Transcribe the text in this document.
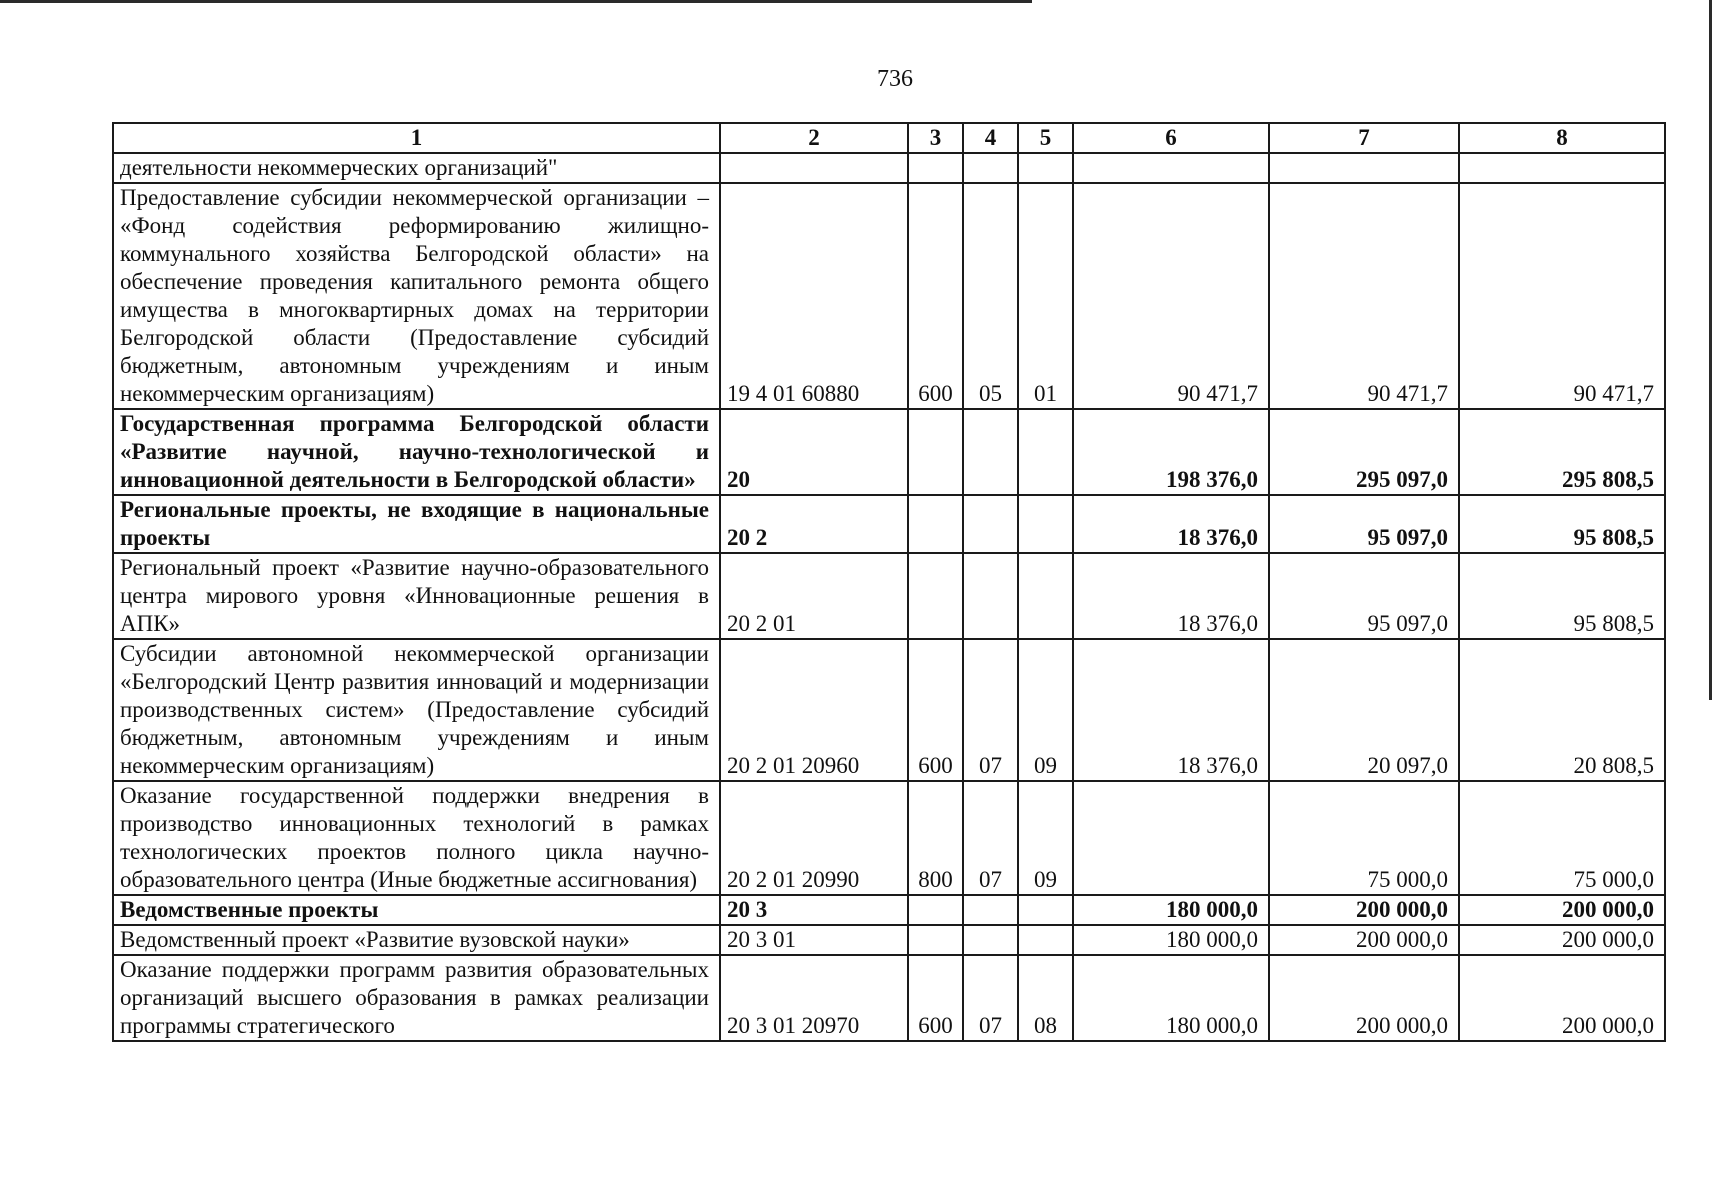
736
1	2	3	4	5	6	7	8
деятельности некоммерческих организаций"							
Предоставление субсидии некоммерческой организации – «Фонд содействия реформированию жилищно-коммунального хозяйства Белгородской области» на обеспечение проведения капитального ремонта общего имущества в многоквартирных домах на территории Белгородской области (Предоставление субсидий бюджетным, автономным учреждениям и иным некоммерческим организациям)	19 4 01 60880	600	05	01	90 471,7	90 471,7	90 471,7
Государственная программа Белгородской области «Развитие научной, научно-технологической и инновационной деятельности в Белгородской области»	20				198 376,0	295 097,0	295 808,5
Региональные проекты, не входящие в национальные проекты	20 2				18 376,0	95 097,0	95 808,5
Региональный проект «Развитие научно-образовательного центра мирового уровня «Инновационные решения в АПК»	20 2 01				18 376,0	95 097,0	95 808,5
Субсидии автономной некоммерческой организации «Белгородский Центр развития инноваций и модернизации производственных систем» (Предоставление субсидий бюджетным, автономным учреждениям и иным некоммерческим организациям)	20 2 01 20960	600	07	09	18 376,0	20 097,0	20 808,5
Оказание государственной поддержки внедрения в производство инновационных технологий в рамках технологических проектов полного цикла научно-образовательного центра (Иные бюджетные ассигнования)	20 2 01 20990	800	07	09		75 000,0	75 000,0
Ведомственные проекты	20 3				180 000,0	200 000,0	200 000,0
Ведомственный проект «Развитие вузовской науки»	20 3 01				180 000,0	200 000,0	200 000,0
Оказание поддержки программ развития образовательных организаций высшего образования в рамках реализации программы стратегического	20 3 01 20970	600	07	08	180 000,0	200 000,0	200 000,0
